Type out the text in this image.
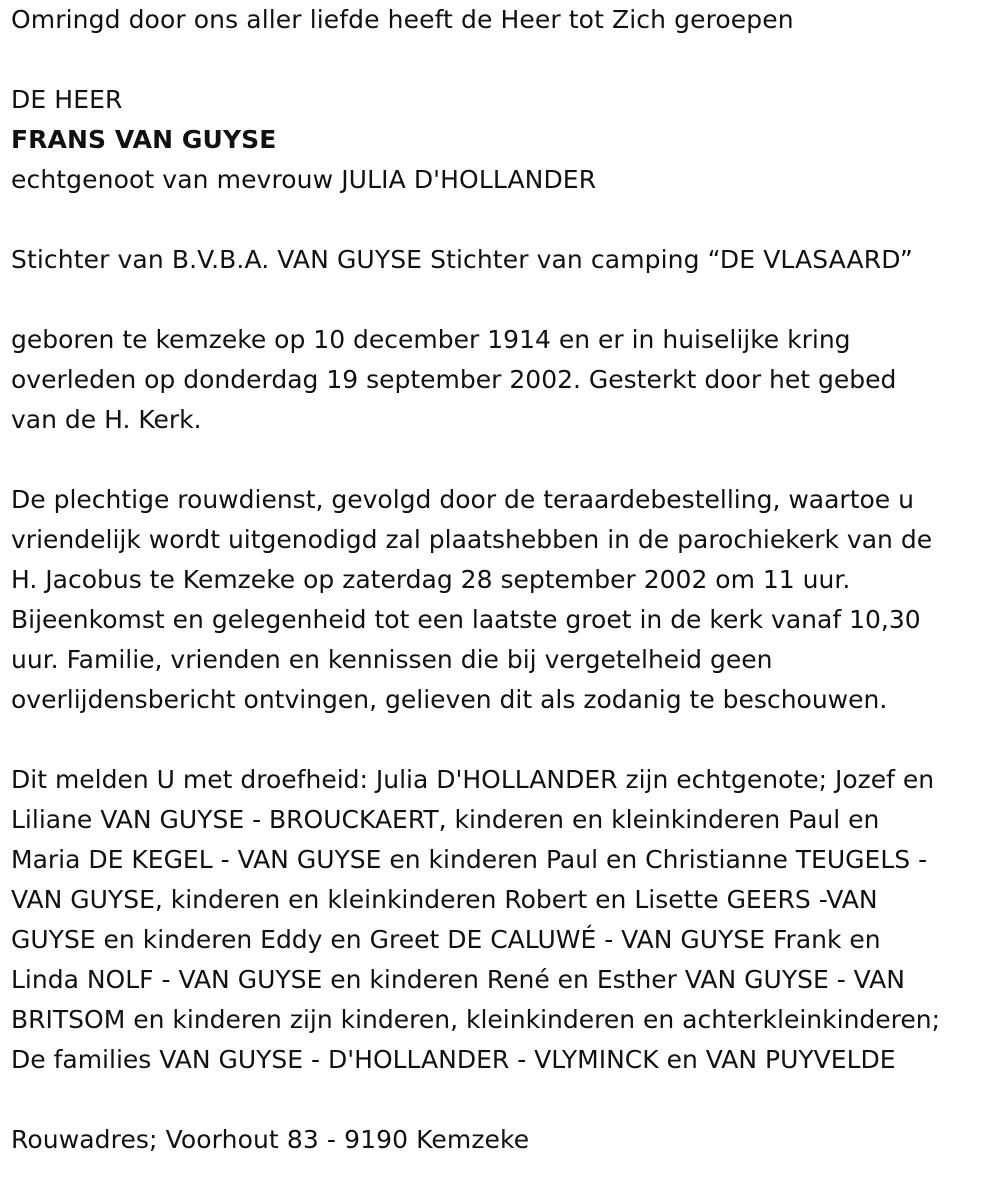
Omringd door ons aller liefde heeft de Heer tot Zich geroepen
DE HEER
FRANS VAN GUYSE
echtgenoot van mevrouw JULIA D'HOLLANDER
Stichter van B.V.B.A. VAN GUYSE Stichter van camping “DE VLASAARD”
geboren te kemzeke op 10 december 1914 en er in huiselijke kring
overleden op donderdag 19 september 2002. Gesterkt door het gebed
van de H. Kerk.
De plechtige rouwdienst, gevolgd door de teraardebestelling, waartoe u
vriendelijk wordt uitgenodigd zal plaatshebben in de parochiekerk van de
H. Jacobus te Kemzeke op zaterdag 28 september 2002 om 11 uur.
Bijeenkomst en gelegenheid tot een laatste groet in de kerk vanaf 10,30
uur. Familie, vrienden en kennissen die bij vergetelheid geen
overlijdensbericht ontvingen, gelieven dit als zodanig te beschouwen.
Dit melden U met droefheid: Julia D'HOLLANDER zijn echtgenote; Jozef en
Liliane VAN GUYSE - BROUCKAERT, kinderen en kleinkinderen Paul en
Maria DE KEGEL - VAN GUYSE en kinderen Paul en Christianne TEUGELS -
VAN GUYSE, kinderen en kleinkinderen Robert en Lisette GEERS -VAN
GUYSE en kinderen Eddy en Greet DE CALUWÉ - VAN GUYSE Frank en
Linda NOLF - VAN GUYSE en kinderen René en Esther VAN GUYSE - VAN
BRITSOM en kinderen zijn kinderen, kleinkinderen en achterkleinkinderen;
De families VAN GUYSE - D'HOLLANDER - VLYMINCK en VAN PUYVELDE
Rouwadres; Voorhout 83 - 9190 Kemzeke
